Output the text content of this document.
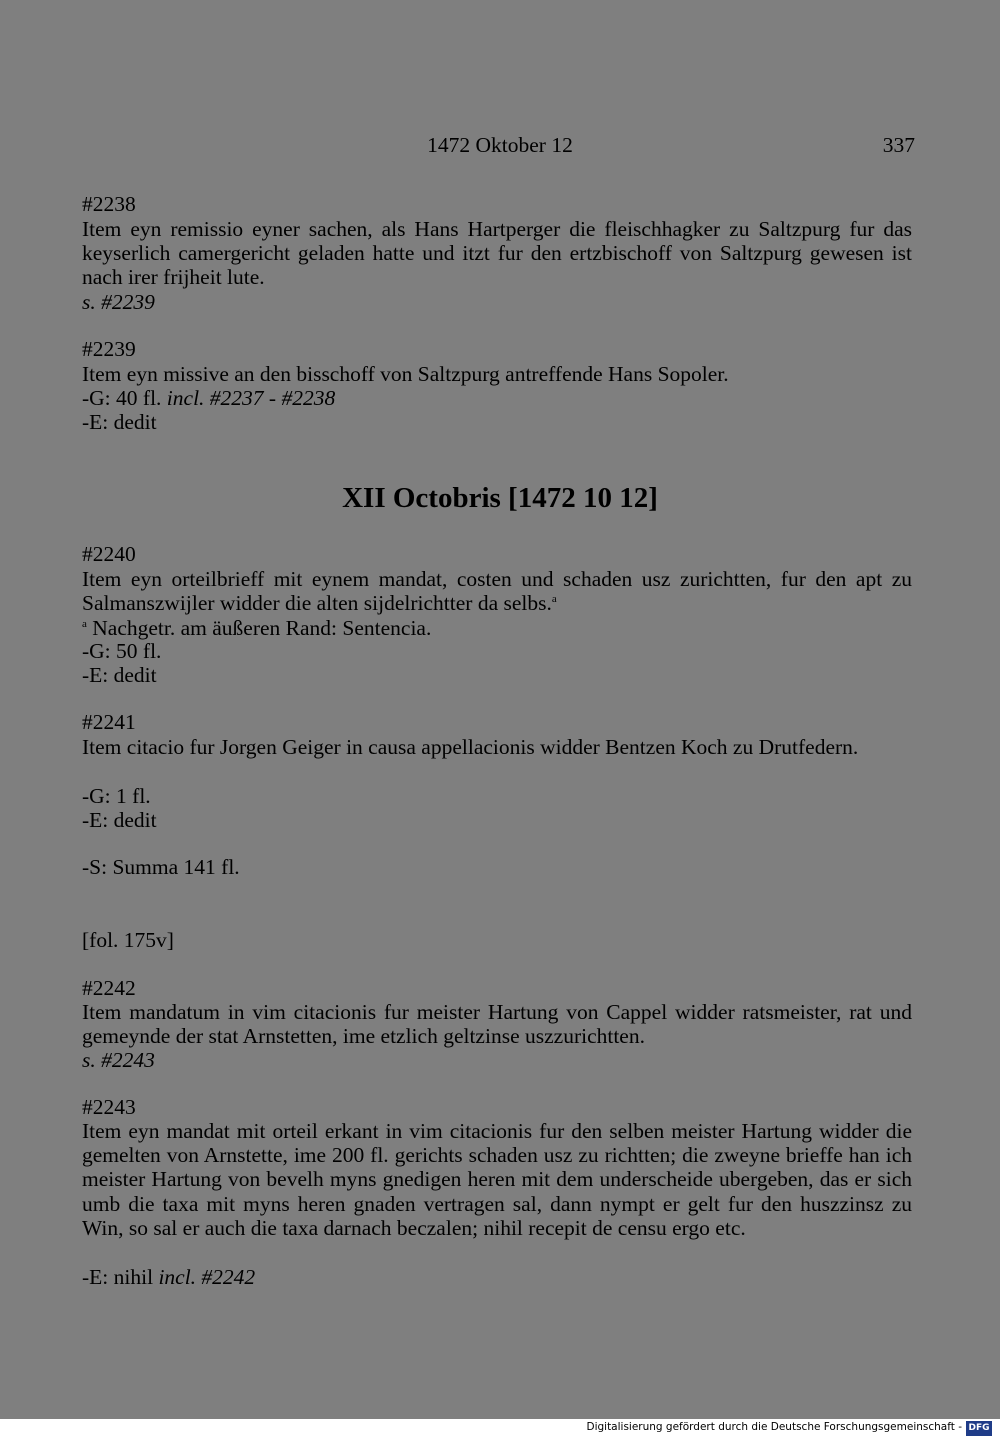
1472 Oktober 12	337
#2238
Item eyn remissio eyner sachen, als Hans Hartperger die fleischhagker zu Saltzpurg fur das keyserlich camergericht geladen hatte und itzt fur den ertzbischoff von Saltzpurg gewesen ist nach irer frijheit lute.
s. #2239
#2239
Item eyn missive an den bisschoff von Saltzpurg antreffende Hans Sopoler.
-G: 40 fl. incl. #2237 - #2238
-E: dedit
XII Octobris [1472 10 12]
#2240
Item eyn orteilbrieff mit eynem mandat, costen und schaden usz zurichtten, fur den apt zu Salmanszwijler widder die alten sijdelrichtter da selbs.$^a$
$^a$ Nachgetr. am äußeren Rand: Sentencia.
-G: 50 fl.
-E: dedit
#2241
Item citacio fur Jorgen Geiger in causa appellacionis widder Bentzen Koch zu Drutfedern.
-G: 1 fl.
-E: dedit
-S: Summa 141 fl.
[fol. 175v]
#2242
Item mandatum in vim citacionis fur meister Hartung von Cappel widder ratsmeister, rat und gemeynde der stat Arnstetten, ime etzlich geltzinse uszzurichtten.
s. #2243
#2243
Item eyn mandat mit orteil erkant in vim citacionis fur den selben meister Hartung widder die gemelten von Arnstette, ime 200 fl. gerichts schaden usz zu richtten; die zweyne brieffe han ich meister Hartung von bevelh myns gnedigen heren mit dem underscheide ubergeben, das er sich umb die taxa mit myns heren gnaden vertragen sal, dann nympt er gelt fur den huszzinsz zu Win, so sal er auch die taxa darnach beczalen; nihil recepit de censu ergo etc.
-E: nihil incl. #2242
Digitalisierung gefördert durch die Deutsche Forschungsgemeinschaft - DFG
